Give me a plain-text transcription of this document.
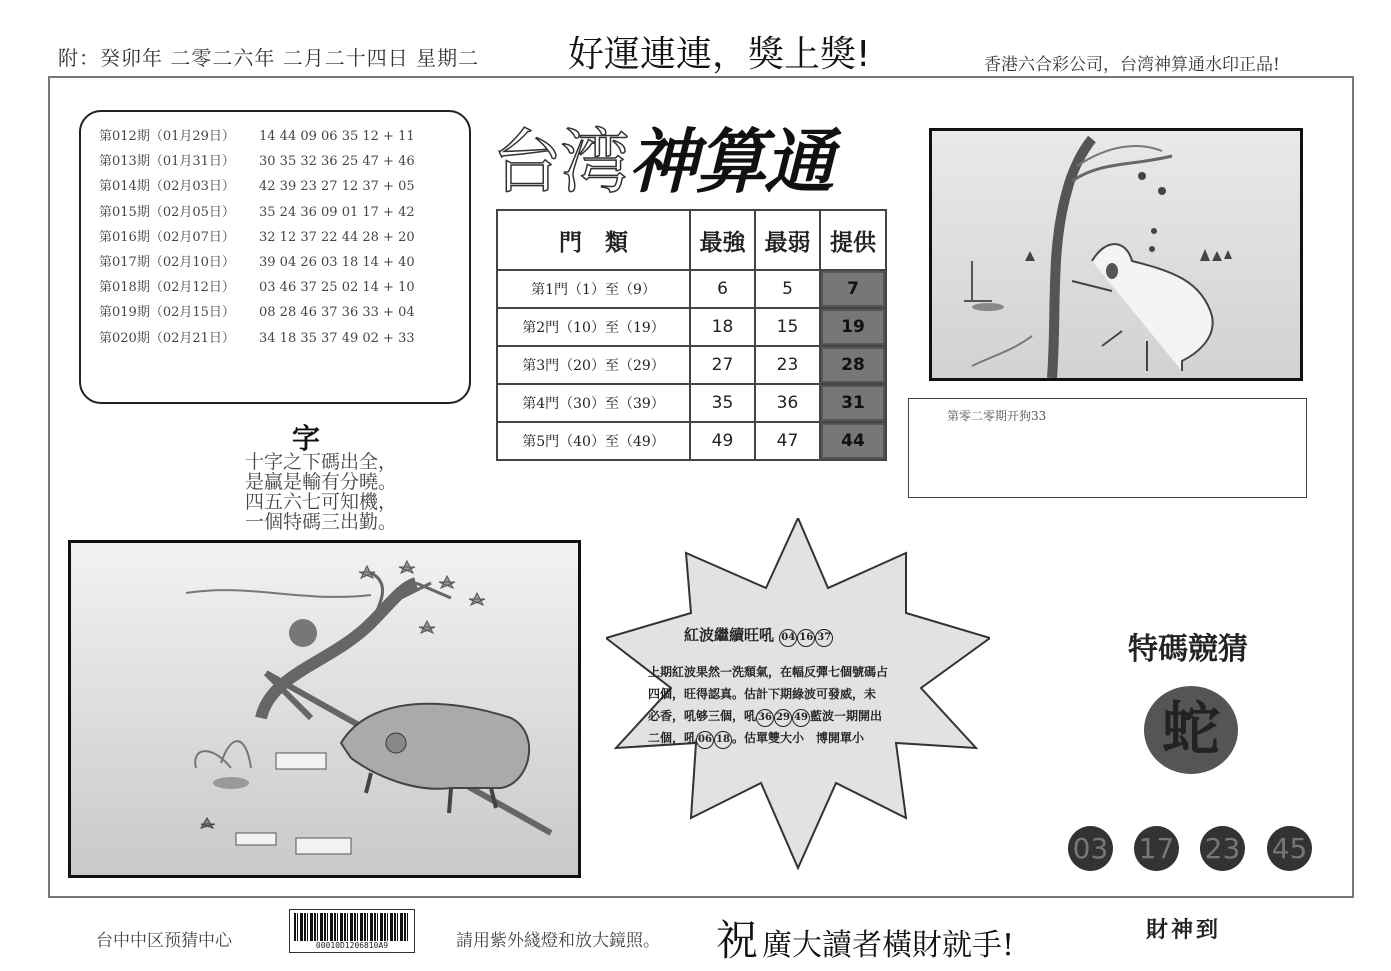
附：癸卯年 二零二六年 二月二十四日 星期二 好運連連，獎上獎!	香港六合彩公司，台湾神算通水印正品!
第012期（01月29日） 14 44 09 06 35 12 + 11
第013期（01月31日） 30 35 32 36 25 47 + 46
第014期（02月03日） 42 39 23 27 12 37 + 05
第015期（02月05日） 35 24 36 09 01 17 + 42
第016期（02月07日） 32 12 37 22 44 28 + 20
第017期（02月10日） 39 04 26 03 18 14 + 40
第018期（02月12日） 03 46 37 25 02 14 + 10
第019期（02月15日） 08 28 46 37 36 33 + 04
第020期（02月21日） 34 18 35 37 49 02 + 33
台湾神算通
門　類	最強	最弱	提供
第1門（1）至（9）	6	5	7
第2門（10）至（19）	18	15	19
第3門（20）至（29）	27	23	28
第4門（30）至（39）	35	36	31
第5門（40）至（49）	49	47	44
第零二零期开狗33
字
十字之下碼出全，
是贏是輸有分曉。
四五六七可知機，
一個特碼三出勤。
紅波繼續旺吼 04 16 37

上期紅波果然一洗頹氣，在幅反彈七個號碼占

四個，旺得認真。估計下期綠波可發威，未

必香，吼够三個，吼 36 29 49 藍波一期開出

二個，吼 06 18 。估單雙大小　博開單小

特碼競猜
蛇
03 17 23 45
台中中区预猜中心	00010D1206810A9	請用紫外綫燈和放大鏡照。 祝 廣大讀者橫財就手!	財神到
